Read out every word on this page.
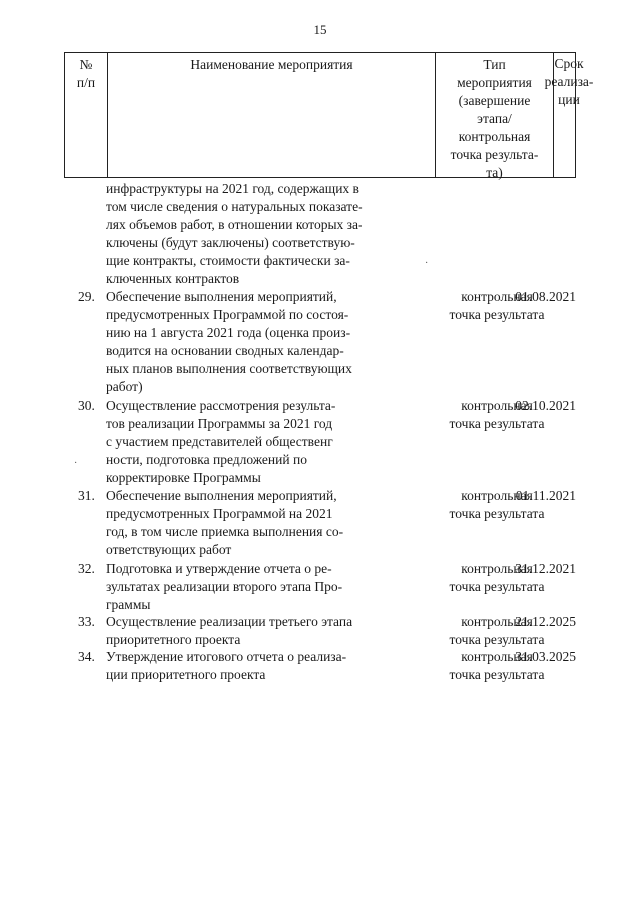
15
№
п/п
Наименование мероприятия	Тип
мероприятия
(завершение
этапа/
контрольная
точка результа-
та)
Срок
реализа-
ции
инфраструктуры на 2021 год, содержащих в
том числе сведения о натуральных показате-
лях объемов работ, в отношении которых за-
ключены (будут заключены) соответствую-
щие контракты, стоимости фактически за-
ключенных контрактов
29. Обеспечение выполнения мероприятий,
предусмотренных Программой по состоя-
нию на 1 августа 2021 года (оценка произ-
водится на основании сводных календар-
ных планов выполнения соответствующих
работ)
контрольная
точка результата
01.08.2021
30. Осуществление рассмотрения результа-
тов реализации Программы за 2021 год
с участием представителей общественг
ности, подготовка предложений по
корректировке Программы
контрольная
точка результата
02.10.2021
31. Обеспечение выполнения мероприятий,
предусмотренных Программой на 2021
год, в том числе приемка выполнения со-
ответствующих работ
контрольная
точка результата
01.11.2021
32. Подготовка и утверждение отчета о ре-
зультатах реализации второго этапа Про-
граммы
контрольная
точка результата
31.12.2021
33. Осуществление реализации третьего этапа
приоритетного проекта
контрольная
точка результата
21.12.2025
34. Утверждение итогового отчета о реализа-
ции приоритетного проекта
контрольная
точка результата
31.03.2025
·
·
